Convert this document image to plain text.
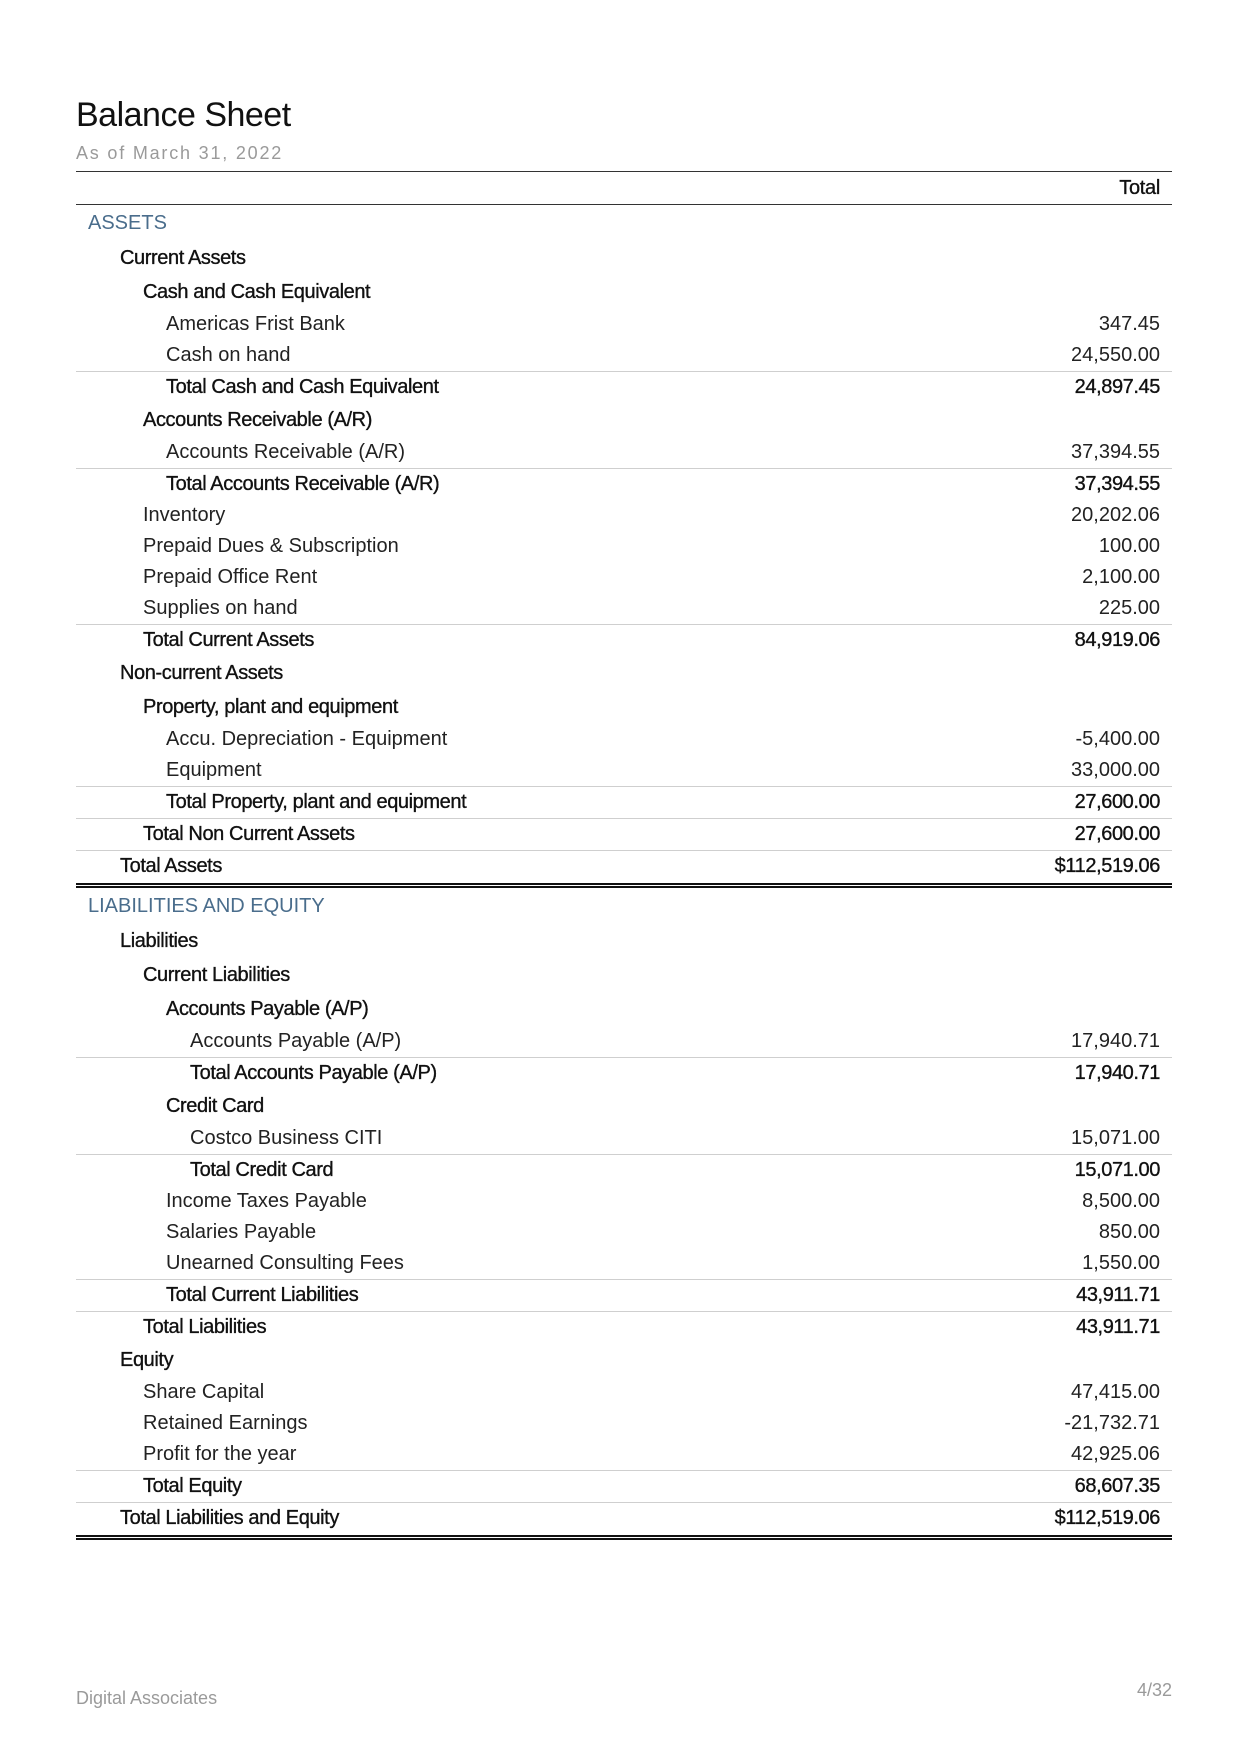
Balance Sheet
As of March 31, 2022
Total
ASSETS
Current Assets
Cash and Cash Equivalent
Americas Frist Bank	347.45
Cash on hand	24,550.00
Total Cash and Cash Equivalent	24,897.45
Accounts Receivable (A/R)
Accounts Receivable (A/R)	37,394.55
Total Accounts Receivable (A/R)	37,394.55
Inventory	20,202.06
Prepaid Dues & Subscription	100.00
Prepaid Office Rent	2,100.00
Supplies on hand	225.00
Total Current Assets	84,919.06
Non-current Assets
Property, plant and equipment
Accu. Depreciation - Equipment	-5,400.00
Equipment	33,000.00
Total Property, plant and equipment	27,600.00
Total Non Current Assets	27,600.00
Total Assets	$112,519.06
LIABILITIES AND EQUITY
Liabilities
Current Liabilities
Accounts Payable (A/P)
Accounts Payable (A/P)	17,940.71
Total Accounts Payable (A/P)	17,940.71
Credit Card
Costco Business CITI	15,071.00
Total Credit Card	15,071.00
Income Taxes Payable	8,500.00
Salaries Payable	850.00
Unearned Consulting Fees	1,550.00
Total Current Liabilities	43,911.71
Total Liabilities	43,911.71
Equity
Share Capital	47,415.00
Retained Earnings	-21,732.71
Profit for the year	42,925.06
Total Equity	68,607.35
Total Liabilities and Equity	$112,519.06
Digital Associates	4/32
